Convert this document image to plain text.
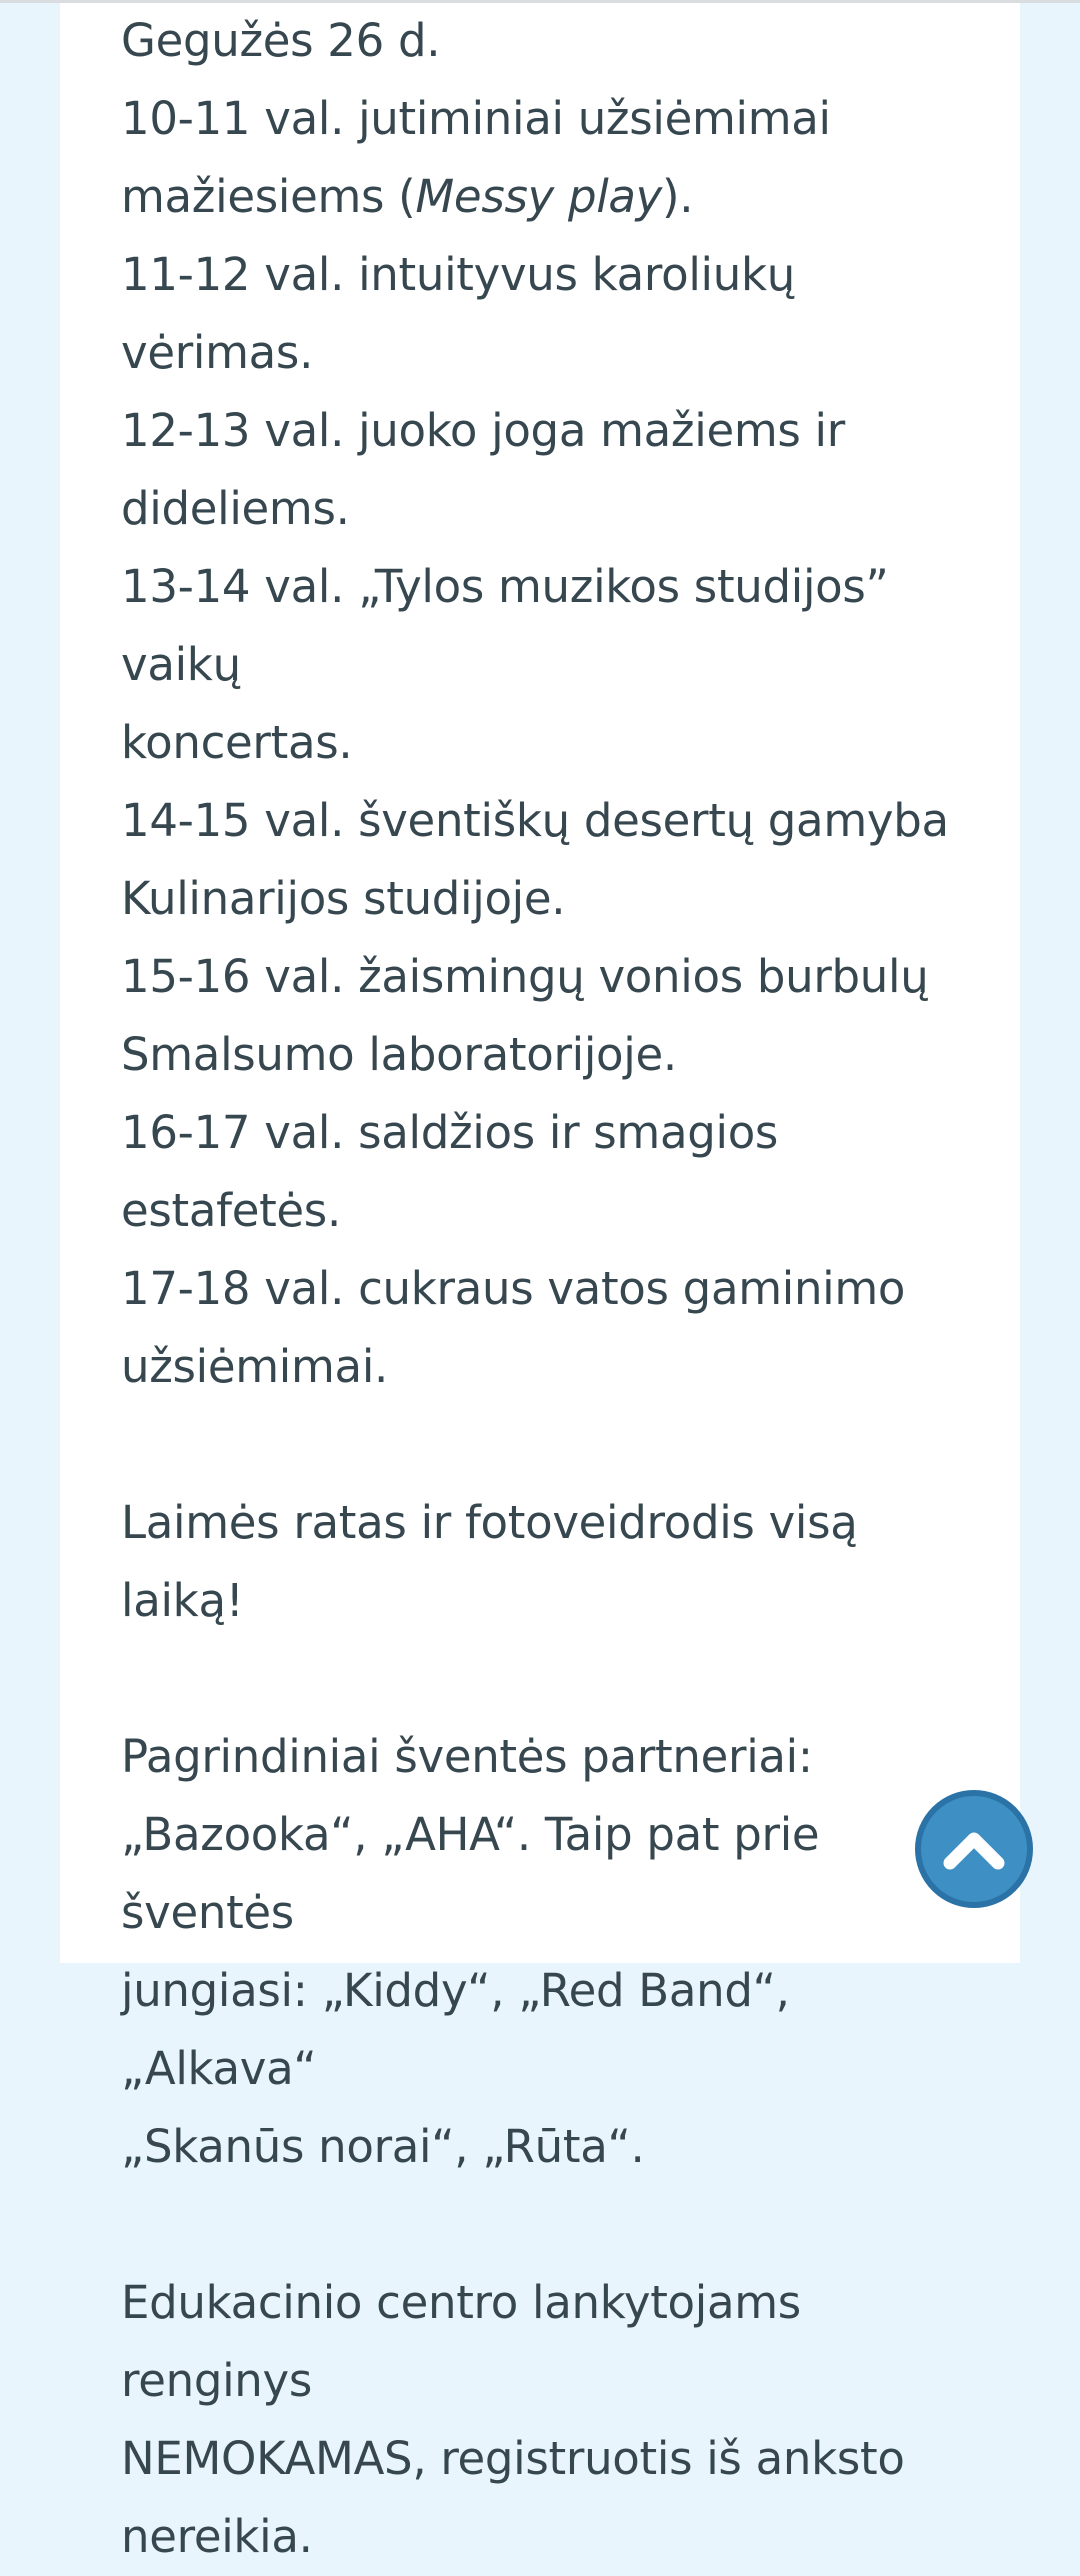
Gegužės 26 d.

10-11 val. jutiminiai užsiėmimai

mažiesiems (Messy play).

11-12 val. intuityvus karoliukų vėrimas.

12-13 val. juoko joga mažiems ir

dideliems.

13-14 val. „Tylos muzikos studijos” vaikų

koncertas.

14-15 val. šventiškų desertų gamyba

Kulinarijos studijoje.

15-16 val. žaismingų vonios burbulų

Smalsumo laboratorijoje.

16-17 val. saldžios ir smagios estafetės.

17-18 val. cukraus vatos gaminimo

užsiėmimai.

Laimės ratas ir fotoveidrodis visą laiką!

Pagrindiniai šventės partneriai:

„Bazooka“, „AHA“. Taip pat prie šventės

jungiasi: „Kiddy“, „Red Band“, „Alkava“

„Skanūs norai“, „Rūta“.

Edukacinio centro lankytojams renginys

NEMOKAMAS, registruotis iš anksto

nereikia.
